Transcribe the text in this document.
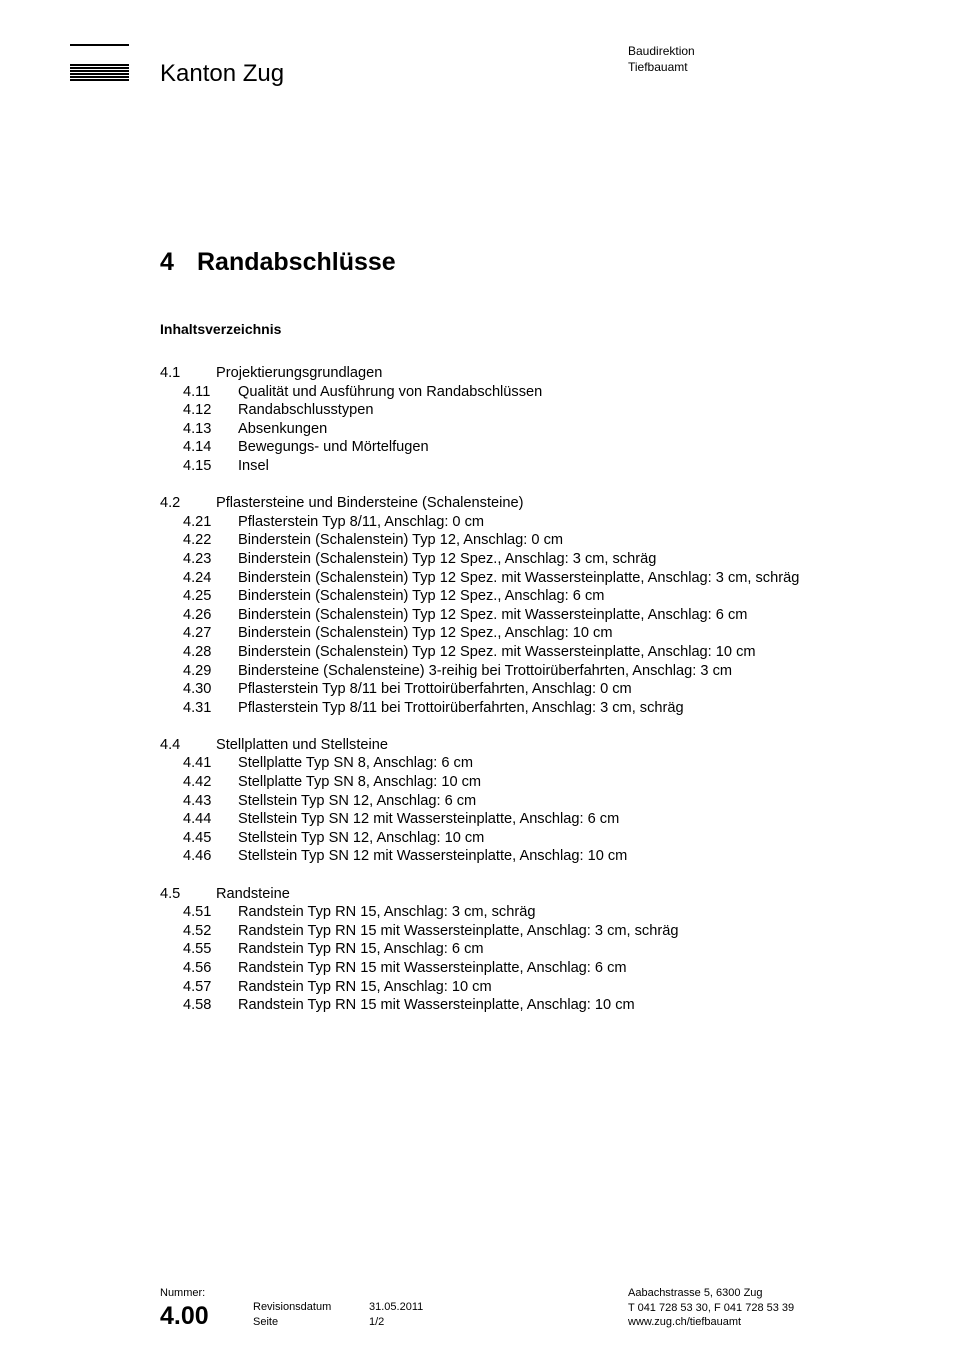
Kanton Zug
Baudirektion
Tiefbauamt
4 Randabschlüsse
Inhaltsverzeichnis
4.1 Projektierungsgrundlagen
4.11 Qualität und Ausführung von Randabschlüssen
4.12 Randabschlusstypen
4.13 Absenkungen
4.14 Bewegungs- und Mörtelfugen
4.15 Insel
4.2 Pflastersteine und Bindersteine (Schalensteine)
4.21 Pflasterstein Typ 8/11, Anschlag: 0 cm
4.22 Binderstein (Schalenstein) Typ 12, Anschlag: 0 cm
4.23 Binderstein (Schalenstein) Typ 12 Spez., Anschlag: 3 cm, schräg
4.24 Binderstein (Schalenstein) Typ 12 Spez. mit Wassersteinplatte, Anschlag: 3 cm, schräg
4.25 Binderstein (Schalenstein) Typ 12 Spez., Anschlag: 6 cm
4.26 Binderstein (Schalenstein) Typ 12 Spez. mit Wassersteinplatte, Anschlag: 6 cm
4.27 Binderstein (Schalenstein) Typ 12 Spez., Anschlag: 10 cm
4.28 Binderstein (Schalenstein) Typ 12 Spez. mit Wassersteinplatte, Anschlag: 10 cm
4.29 Bindersteine (Schalensteine) 3-reihig bei Trottoirüberfahrten, Anschlag: 3 cm
4.30 Pflasterstein Typ 8/11 bei Trottoirüberfahrten, Anschlag: 0 cm
4.31 Pflasterstein Typ 8/11 bei Trottoirüberfahrten, Anschlag: 3 cm, schräg
4.4 Stellplatten und Stellsteine
4.41 Stellplatte Typ SN 8, Anschlag: 6 cm
4.42 Stellplatte Typ SN 8, Anschlag: 10 cm
4.43 Stellstein Typ SN 12, Anschlag: 6 cm
4.44 Stellstein Typ SN 12 mit Wassersteinplatte, Anschlag: 6 cm
4.45 Stellstein Typ SN 12, Anschlag: 10 cm
4.46 Stellstein Typ SN 12 mit Wassersteinplatte, Anschlag: 10 cm
4.5 Randsteine
4.51 Randstein Typ RN 15, Anschlag: 3 cm, schräg
4.52 Randstein Typ RN 15 mit Wassersteinplatte, Anschlag: 3 cm, schräg
4.55 Randstein Typ RN 15, Anschlag: 6 cm
4.56 Randstein Typ RN 15 mit Wassersteinplatte, Anschlag: 6 cm
4.57 Randstein Typ RN 15, Anschlag: 10 cm
4.58 Randstein Typ RN 15 mit Wassersteinplatte, Anschlag: 10 cm
Nummer:
4.00	Revisionsdatum	31.05.2011
Seite	1/2
Aabachstrasse 5, 6300 Zug
T 041 728 53 30, F 041 728 53 39
www.zug.ch/tiefbauamt
